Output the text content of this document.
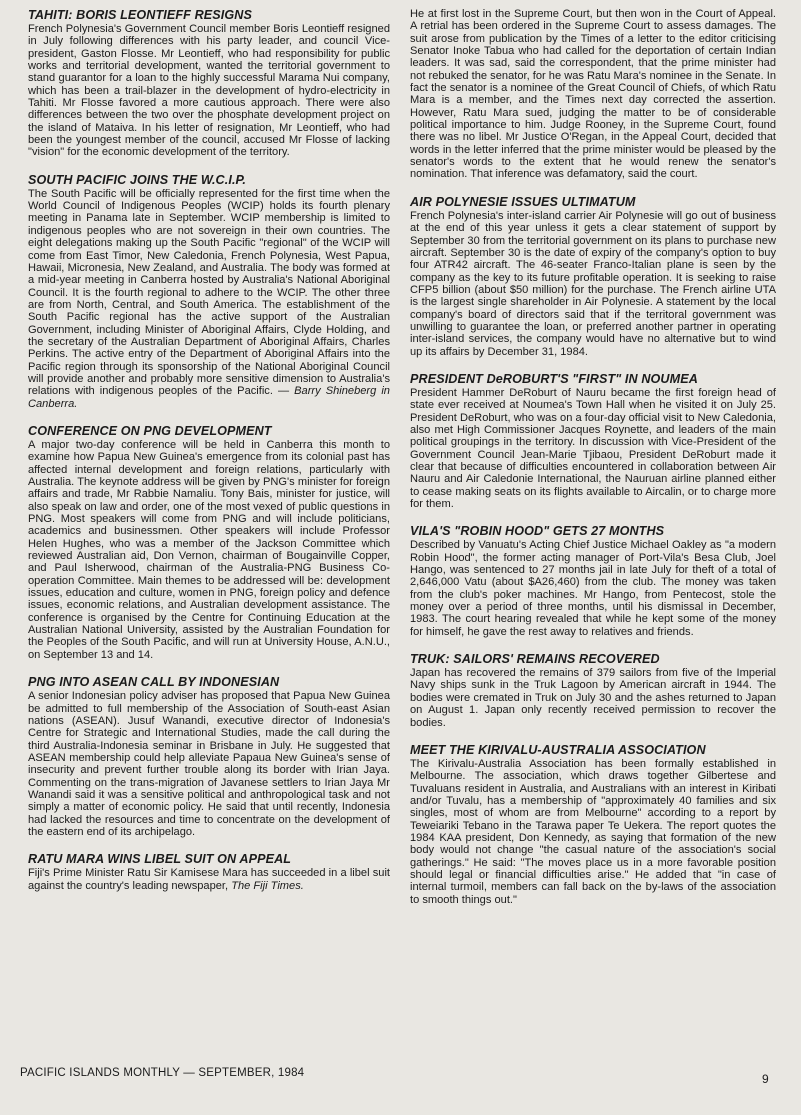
TAHITI: BORIS LEONTIEFF RESIGNS

French Polynesia's Government Council member Boris Leontieff resigned in July following differences with his party leader, and council Vice-president, Gaston Flosse. Mr Leontieff, who had responsibility for public works and territorial development, wanted the territorial government to stand guarantor for a loan to the highly successful Marama Nui company, which has been a trail-blazer in the development of hydro-electricity in Tahiti. Mr Flosse favored a more cautious approach. There were also differences between the two over the phosphate development project on the island of Mataiva. In his letter of resignation, Mr Leontieff, who had been the youngest member of the council, accused Mr Flosse of lacking "vision" for the economic development of the territory.

SOUTH PACIFIC JOINS THE W.C.I.P.

The South Pacific will be officially represented for the first time when the World Council of Indigenous Peoples (WCIP) holds its fourth plenary meeting in Panama late in September. WCIP membership is limited to indigenous peoples who are not sovereign in their own countries. The eight delegations making up the South Pacific "regional" of the WCIP will come from East Timor, New Caledonia, French Polynesia, West Papua, Hawaii, Micronesia, New Zealand, and Australia. The body was formed at a mid-year meeting in Canberra hosted by Australia's National Aboriginal Council. It is the fourth regional to adhere to the WCIP. The other three are from North, Central, and South America. The establishment of the South Pacific regional has the active support of the Australian Government, including Minister of Aboriginal Affairs, Clyde Holding, and the secretary of the Australian Department of Aboriginal Affairs, Charles Perkins. The active entry of the Department of Aboriginal Affairs into the Pacific region through its sponsorship of the National Aboriginal Council will provide another and probably more sensitive dimension to Australia's relations with indigenous peoples of the Pacific. — Barry Shineberg in Canberra.

CONFERENCE ON PNG DEVELOPMENT

A major two-day conference will be held in Canberra this month to examine how Papua New Guinea's emergence from its colonial past has affected internal development and foreign relations, particularly with Australia. The keynote address will be given by PNG's minister for foreign affairs and trade, Mr Rabbie Namaliu. Tony Bais, minister for justice, will also speak on law and order, one of the most vexed of public questions in PNG. Most speakers will come from PNG and will include politicians, academics and businessmen. Other speakers will include Professor Helen Hughes, who was a member of the Jackson Committee which reviewed Australian aid, Don Vernon, chairman of Bougainville Copper, and Paul Isherwood, chairman of the Australia-PNG Business Co-operation Committee. Main themes to be addressed will be: development issues, education and culture, women in PNG, foreign policy and defence issues, economic relations, and Australian development assistance. The conference is organised by the Centre for Continuing Education at the Australian National University, assisted by the Australian Foundation for the Peoples of the South Pacific, and will run at University House, A.N.U., on September 13 and 14.

PNG INTO ASEAN CALL BY INDONESIAN

A senior Indonesian policy adviser has proposed that Papua New Guinea be admitted to full membership of the Association of South-east Asian nations (ASEAN). Jusuf Wanandi, executive director of Indonesia's Centre for Strategic and International Studies, made the call during the third Australia-Indonesia seminar in Brisbane in July. He suggested that ASEAN membership could help alleviate Papaua New Guinea's sense of insecurity and prevent further trouble along its border with Irian Jaya. Commenting on the trans-migration of Javanese settlers to Irian Jaya Mr Wanandi said it was a sensitive political and anthropological task and not simply a matter of economic policy. He said that until recently, Indonesia had lacked the resources and time to concentrate on the development of the eastern end of its archipelago.

RATU MARA WINS LIBEL SUIT ON APPEAL

Fiji's Prime Minister Ratu Sir Kamisese Mara has succeeded in a libel suit against the country's leading newspaper, The Fiji Times.

He at first lost in the Supreme Court, but then won in the Court of Appeal. A retrial has been ordered in the Supreme Court to assess damages. The suit arose from publication by the Times of a letter to the editor criticising Senator Inoke Tabua who had called for the deportation of certain Indian leaders. It was sad, said the correspondent, that the prime minister had not rebuked the senator, for he was Ratu Mara's nominee in the Senate. In fact the senator is a nominee of the Great Council of Chiefs, of which Ratu Mara is a member, and the Times next day corrected the assertion. However, Ratu Mara sued, judging the matter to be of considerable political importance to him. Judge Rooney, in the Supreme Court, found there was no libel. Mr Justice O'Regan, in the Appeal Court, decided that words in the letter inferred that the prime minister would be pleased by the senator's words to the extent that he would renew the senator's nomination. That inference was defamatory, said the court.

AIR POLYNESIE ISSUES ULTIMATUM

French Polynesia's inter-island carrier Air Polynesie will go out of business at the end of this year unless it gets a clear statement of support by September 30 from the territorial government on its plans to purchase new aircraft. September 30 is the date of expiry of the company's option to buy four ATR42 aircraft. The 46-seater Franco-Italian plane is seen by the company as the key to its future profitable operation. It is seeking to raise CFP5 billion (about $50 million) for the purchase. The French airline UTA is the largest single shareholder in Air Polynesie. A statement by the local company's board of directors said that if the territoral government was unwilling to guarantee the loan, or preferred another partner in operating inter-island services, the company would have no alternative but to wind up its affairs by December 31, 1984.

PRESIDENT DeROBURT'S "FIRST" IN NOUMEA

President Hammer DeRoburt of Nauru became the first foreign head of state ever received at Noumea's Town Hall when he visited it on July 25. President DeRoburt, who was on a four-day official visit to New Caledonia, also met High Commissioner Jacques Roynette, and leaders of the main political groupings in the territory. In discussion with Vice-President of the Government Council Jean-Marie Tjibaou, President DeRoburt made it clear that because of difficulties encountered in collaboration between Air Nauru and Air Caledonie International, the Nauruan airline planned either to cease making seats on its flights available to Aircalin, or to charge more for them.

VILA'S "ROBIN HOOD" GETS 27 MONTHS

Described by Vanuatu's Acting Chief Justice Michael Oakley as "a modern Robin Hood", the former acting manager of Port-Vila's Besa Club, Joel Hango, was sentenced to 27 months jail in late July for theft of a total of 2,646,000 Vatu (about $A26,460) from the club. The money was taken from the club's poker machines. Mr Hango, from Pentecost, stole the money over a period of three months, until his dismissal in December, 1983. The court hearing revealed that while he kept some of the money for himself, he gave the rest away to relatives and friends.

TRUK: SAILORS' REMAINS RECOVERED

Japan has recovered the remains of 379 sailors from five of the Imperial Navy ships sunk in the Truk Lagoon by American aircraft in 1944. The bodies were cremated in Truk on July 30 and the ashes returned to Japan on August 1. Japan only recently received permission to recover the bodies.

MEET THE KIRIVALU-AUSTRALIA ASSOCIATION

The Kirivalu-Australia Association has been formally established in Melbourne. The association, which draws together Gilbertese and Tuvaluans resident in Australia, and Australians with an interest in Kiribati and/or Tuvalu, has a membership of "approximately 40 families and six singles, most of whom are from Melbourne" according to a report by Teweiariki Tebano in the Tarawa paper Te Uekera. The report quotes the 1984 KAA president, Don Kennedy, as saying that formation of the new body would not change "the casual nature of the association's social gatherings." He said: "The moves place us in a more favorable position should legal or financial difficulties arise." He added that "in case of internal turmoil, members can fall back on the by-laws of the association to smooth things out."

PACIFIC ISLANDS MONTHLY — SEPTEMBER, 1984	9
